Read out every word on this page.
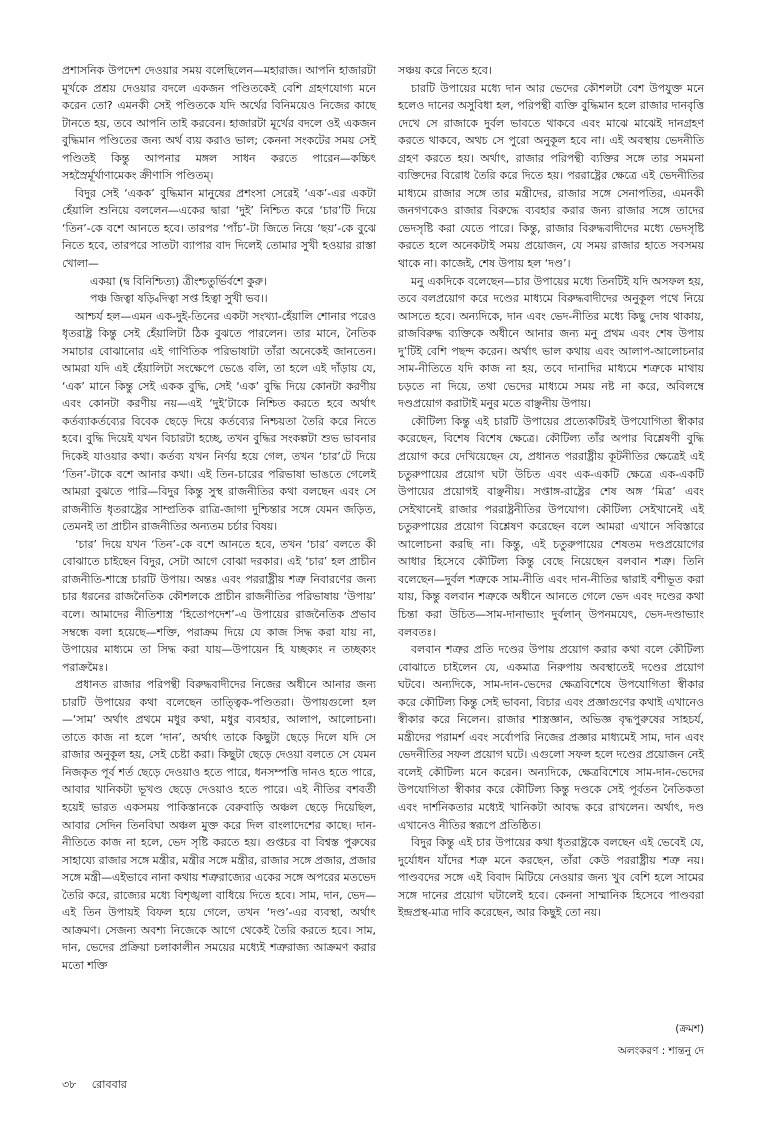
প্রশাসনিক উপদেশ দেওয়ার সময় বলেছিলেন—মহারাজ। আপনি হাজারটা মূর্খকে প্রশ্রয় দেওয়ার বদলে একজন পণ্ডিতকেই বেশি গ্রহণযোগ্য মনে করেন তো? এমনকী সেই পণ্ডিতকে যদি অর্থের বিনিময়েও নিজের কাছে টানতে হয়, তবে আপনি তাই করবেন। হাজারটা মূর্খের বদলে ওই একজন বুদ্ধিমান পণ্ডিতের জন্য অর্থ ব্যয় করাও ভাল; কেননা সংকটের সময় সেই পণ্ডিতই কিন্তু আপনার মঙ্গল সাধন করতে পারেন—কচ্চিৎ সহস্রৈর্মূর্খাণামেকং ক্রীণাসি পণ্ডিতম্।

বিদুর সেই ‘একক’ বুদ্ধিমান মানুষের প্রশংসা সেরেই ‘এক’-এর একটা হেঁয়ালি শুনিয়ে বললেন—একের দ্বারা ‘দুই’ নিশ্চিত করে ‘চার’টি দিয়ে ‘তিন’-কে বশে আনতে হবে। তারপর ‘পাঁচ’-টা জিতে নিয়ে ‘ছয়’-কে বুঝে নিতে হবে, তারপরে সাতটা ব্যাপার বাদ দিলেই তোমার সুখী হওয়ার রাস্তা খোলা—

একয়া (দ্ব বিনিশ্চিত্য) ত্রীংশ্চতুর্ভির্বশে কুরু।

পঞ্চ জিত্বা ষড়্বিদিত্বা সপ্ত হিত্বা সুখী ভব।।

আশ্চর্য হল—এমন এক-দুই-তিনের একটা সংখ্যা-হেঁয়ালি শোনার পরেও ধৃতরাষ্ট্র কিন্তু সেই হেঁয়ালিটা ঠিক বুঝতে পারলেন। তার মানে, নৈতিক সমাচার বোঝানোর এই গাণিতিক পরিভাষাটা তাঁরা অনেকেই জানতেন। আমরা যদি এই হেঁয়ালিটা সংক্ষেপে ভেঙে বলি, তা হলে এই দাঁড়ায় যে, ‘এক’ মানে কিন্তু সেই একক বুদ্ধি, সেই ‘এক’ বুদ্ধি দিয়ে কোনটা করণীয় এবং কোনটা করণীয় নয়—এই ‘দুই’টাকে নিশ্চিত করতে হবে অর্থাৎ কর্তব্যাকর্তব্যের বিবেক ছেড়ে দিয়ে কর্তব্যের নিশ্চয়তা তৈরি করে নিতে হবে। বুদ্ধি দিয়েই যখন বিচারটা হচ্ছে, তখন বুদ্ধির সংকল্পটা শুভ ভাবনার দিকেই যাওয়ার কথা। কর্তব্য যখন নির্ণয় হয়ে গেল, তখন ‘চার’টে দিয়ে ‘তিন’-টাকে বশে আনার কথা। এই তিন-চারের পরিভাষা ভাঙতে গেলেই আমরা বুঝতে পারি—বিদুর কিন্তু সুস্থ রাজনীতির কথা বলছেন এবং সে রাজনীতি ধৃতরাষ্ট্রের সাম্প্রতিক রাত্রি-জাগা দুশ্চিন্তার সঙ্গে যেমন জড়িত, তেমনই তা প্রাচীন রাজনীতির অন্যতম চর্চার বিষয়।

‘চার’ দিয়ে যখন ‘তিন’-কে বশে আনতে হবে, তখন ‘চার’ বলতে কী বোঝাতে চাইছেন বিদুর, সেটা আগে বোঝা দরকার। এই ‘চার’ হল প্রাচীন রাজনীতি-শাস্ত্রে চারটি উপায়। অন্তঃ এবং পররাষ্ট্রীয় শত্রু নিবারণের জন্য চার ধরনের রাজনৈতিক কৌশলকে প্রাচীন রাজনীতির পরিভাষায় ‘উপায়’ বলে। আমাদের নীতিশাস্ত্র ‘হিতোপদেশ’-এ উপায়ের রাজনৈতিক প্রভাব সম্বন্ধে বলা হয়েছে—শক্তি, পরাক্রম দিয়ে যে কাজ সিদ্ধ করা যায় না, উপায়ের মাধ্যমে তা সিদ্ধ করা যায়—উপায়েন হি যচ্ছক্যং ন তচ্ছক্যং পরাক্রমৈঃ।

প্রধানত রাজার পরিপন্থী বিরুদ্ধবাদীদের নিজের অধীনে আনার জন্য চারটি উপায়ের কথা বলেছেন তাত্ত্বিক-পণ্ডিতরা। উপায়গুলো হল—‘সাম’ অর্থাৎ প্রথমে মধুর কথা, মধুর ব্যবহার, আলাপ, আলোচনা। তাতে কাজ না হলে ‘দান’, অর্থাৎ তাকে কিছুটা ছেড়ে দিলে যদি সে রাজার অনুকূল হয়, সেই চেষ্টা করা। কিছুটা ছেড়ে দেওয়া বলতে সে যেমন নিজকৃত পূর্ব শর্ত ছেড়ে দেওয়াও হতে পারে, ধনসম্পত্তি দানও হতে পারে, আবার খানিকটা ভূখণ্ড ছেড়ে দেওয়াও হতে পারে। এই নীতির বশবর্তী হয়েই ভারত একসময় পাকিস্তানকে বেরুবাড়ি অঞ্চল ছেড়ে দিয়েছিল, আবার সেদিন তিনবিঘা অঞ্চল মুক্ত করে দিল বাংলাদেশের কাছে। দান-নীতিতে কাজ না হলে, ভেদ সৃষ্টি করতে হয়। গুপ্তচর বা বিশ্বস্ত পুরুষের সাহায্যে রাজার সঙ্গে মন্ত্রীর, মন্ত্রীর সঙ্গে মন্ত্রীর, রাজার সঙ্গে প্রজার, প্রজার সঙ্গে মন্ত্রী—এইভাবে নানা কথায় শত্রুরাজ্যের একের সঙ্গে অপরের মতভেদ তৈরি করে, রাজ্যের মধ্যে বিশৃঙ্খলা বাধিয়ে দিতে হবে। সাম, দান, ভেদ—এই তিন উপায়ই বিফল হয়ে গেলে, তখন ‘দণ্ড’-এর ব্যবস্থা, অর্থাৎ আক্রমণ। সেজন্য অবশ্য নিজেকে আগে থেকেই তৈরি করতে হবে। সাম, দান, ভেদের প্রক্রিয়া চলাকালীন সময়ের মধ্যেই শত্রুরাজ্য আক্রমণ করার মতো শক্তি

সঞ্চয় করে নিতে হবে।

চারটি উপায়ের মধ্যে দান আর ভেদের কৌশলটা বেশ উপযুক্ত মনে হলেও দানের অসুবিধা হল, পরিপন্থী ব্যক্তি বুদ্ধিমান হলে রাজার দানবৃত্তি দেখে সে রাজাকে দুর্বল ভাবতে থাকবে এবং মাঝে মাঝেই দানগ্রহণ করতে থাকবে, অথচ সে পুরো অনুকূল হবে না। এই অবস্থায় ভেদনীতি গ্রহণ করতে হয়। অর্থাৎ, রাজার পরিপন্থী ব্যক্তির সঙ্গে তার সমমনা ব্যক্তিদের বিরোধ তৈরি করে দিতে হয়। পররাষ্ট্রের ক্ষেত্রে এই ভেদনীতির মাধ্যমে রাজার সঙ্গে তার মন্ত্রীদের, রাজার সঙ্গে সেনাপতির, এমনকী জনগণকেও রাজার বিরুদ্ধে ব্যবহার করার জন্য রাজার সঙ্গে তাদের ভেদসৃষ্টি করা যেতে পারে। কিন্তু, রাজার বিরুদ্ধবাদীদের মধ্যে ভেদসৃষ্টি করতে হলে অনেকটাই সময় প্রয়োজন, যে সময় রাজার হাতে সবসময় থাকে না। কাজেই, শেষ উপায় হল ‘দণ্ড’।

মনু একদিকে বলেছেন—চার উপায়ের মধ্যে তিনটিই যদি অসফল হয়, তবে বলপ্রয়োগ করে দণ্ডের মাধ্যমে বিরুদ্ধবাদীদের অনুকূল পথে নিয়ে আসতে হবে। অন্যদিকে, দান এবং ভেদ-নীতির মধ্যে কিছু দোষ থাকায়, রাজবিরুদ্ধ ব্যক্তিকে অধীনে আনার জন্য মনু প্রথম এবং শেষ উপায় দু’টিই বেশি পছন্দ করেন। অর্থাৎ ভাল কথায় এবং আলাপ-আলোচনার সাম-নীতিতে যদি কাজ না হয়, তবে দানাদির মাধ্যমে শত্রুকে মাথায় চড়তে না দিয়ে, তথা ভেদের মাধ্যমে সময় নষ্ট না করে, অবিলম্বে দণ্ডপ্রয়োগ করাটাই মনুর মতে বাঞ্ছনীয় উপায়।

কৌটিল্য কিন্তু এই চারটি উপায়ের প্রত্যেকটিরই উপযোগিতা স্বীকার করেছেন, বিশেষ বিশেষ ক্ষেত্রে। কৌটিল্য তাঁর অপার বিশ্লেষণী বুদ্ধি প্রয়োগ করে দেখিয়েছেন যে, প্রধানত পররাষ্ট্রীয় কূটনীতির ক্ষেত্রেই এই চতুরুপায়ের প্রয়োগ ঘটা উচিত এবং এক-একটি ক্ষেত্রে এক-একটি উপায়ের প্রয়োগই বাঞ্ছনীয়। সপ্তাঙ্গ-রাষ্ট্রের শেষ অঙ্গ ‘মিত্র’ এবং সেইখানেই রাজার পররাষ্ট্রনীতির উপযোগ। কৌটিল্য সেইখানেই এই চতুরুপায়ের প্রয়োগ বিশ্লেষণ করেছেন বলে আমরা এখানে সবিস্তারে আলোচনা করছি না। কিন্তু, এই চতুরুপায়ের শেষতম দণ্ডপ্রয়োগের আধার হিসেবে কৌটিল্য কিন্তু বেছে নিয়েছেন বলবান শত্রু। তিনি বলেছেন—দুর্বল শত্রুকে সাম-নীতি এবং দান-নীতির দ্বারাই বশীভূত করা যায়, কিন্তু বলবান শত্রুকে অধীনে আনতে গেলে ভেদ এবং দণ্ডের কথা চিন্তা করা উচিত—সাম-দানাভ্যাং দুর্বলান্ উপনমযেৎ, ভেদ-দণ্ডাভ্যাং বলবতঃ।

বলবান শত্রুর প্রতি দণ্ডের উপায় প্রয়োগ করার কথা বলে কৌটিল্য বোঝাতে চাইলেন যে, একমাত্র নিরুপায় অবস্থাতেই দণ্ডের প্রয়োগ ঘটবে। অন্যদিকে, সাম-দান-ভেদের ক্ষেত্রবিশেষে উপযোগিতা স্বীকার করে কৌটিল্য কিন্তু সেই ভাবনা, বিচার এবং প্রজ্ঞাগুণের কথাই এখানেও স্বীকার করে নিলেন। রাজার শাস্ত্রজ্ঞান, অভিজ্ঞ বৃদ্ধপুরুষের সাহচর্য, মন্ত্রীদের পরামর্শ এবং সর্বোপরি নিজের প্রজ্ঞার মাধ্যমেই সাম, দান এবং ভেদনীতির সফল প্রয়োগ ঘটে। এগুলো সফল হলে দণ্ডের প্রয়োজন নেই বলেই কৌটিল্য মনে করেন। অন্যদিকে, ক্ষেত্রবিশেষে সাম-দান-ভেদের উপযোগিতা স্বীকার করে কৌটিল্য কিন্তু দণ্ডকে সেই পূর্বতন নৈতিকতা এবং দার্শনিকতার মধ্যেই খানিকটা আবদ্ধ করে রাখলেন। অর্থাৎ, দণ্ড এখানেও নীতির স্বরূপে প্রতিষ্ঠিত।

বিদুর কিন্তু এই চার উপায়ের কথা ধৃতরাষ্ট্রকে বলছেন এই ভেবেই যে, দুর্যোধন যাঁদের শত্রু মনে করছেন, তাঁরা কেউ পররাষ্ট্রীয় শত্রু নয়। পাণ্ডবদের সঙ্গে এই বিবাদ মিটিয়ে নেওয়ার জন্য খুব বেশি হলে সামের সঙ্গে দানের প্রয়োগ ঘটালেই হবে। কেননা সাম্মানিক হিসেবে পাণ্ডবরা ইন্দ্রপ্রস্থ-মাত্র দাবি করেছেন, আর কিছুই তো নয়।

(ক্রমশ)
অলংকরণ : শান্তনু দে
৩৮ রোববার
